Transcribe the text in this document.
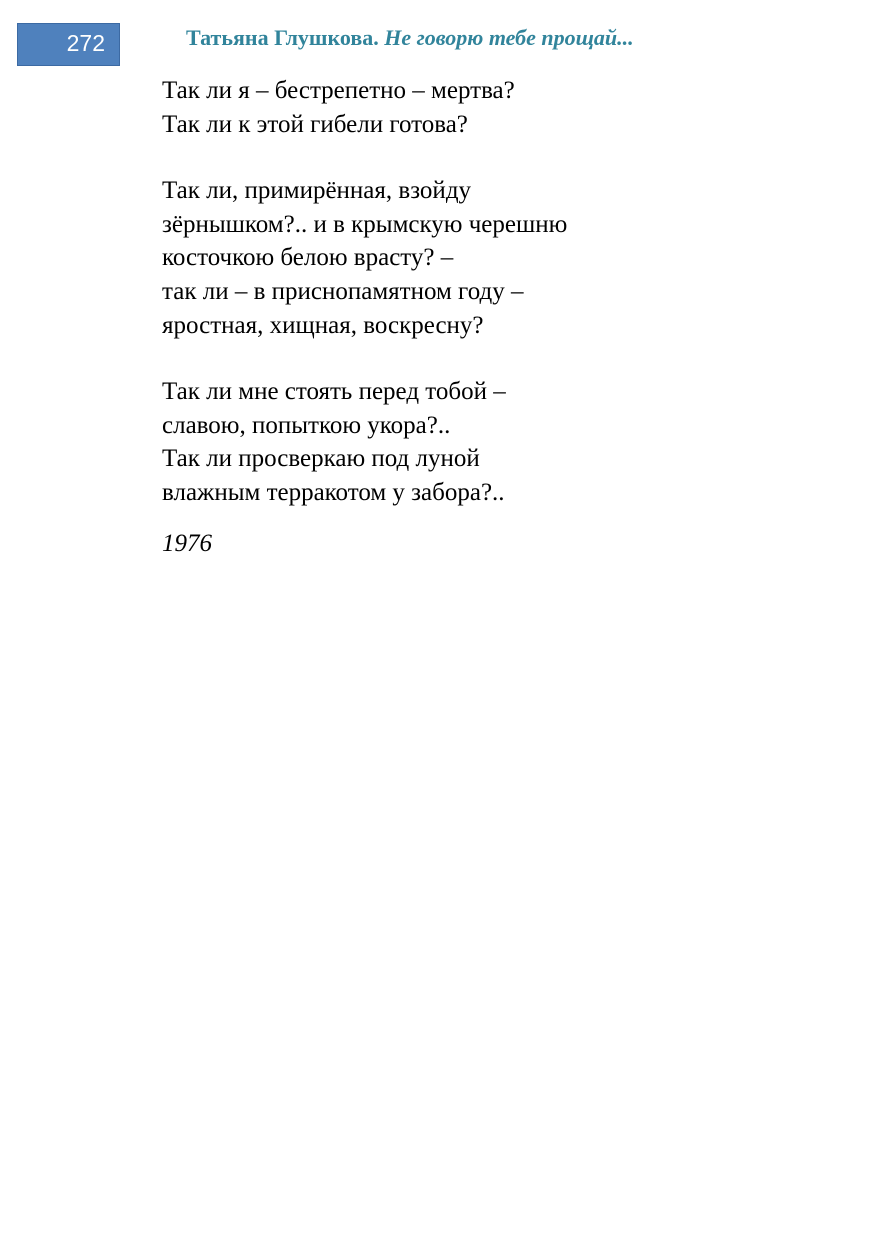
272	Татьяна Глушкова. Не говорю тебе прощай...
Так ли я – бестрепетно – мертва?
Так ли к этой гибели готова?
Так ли, примирённая, взойду
зёрнышком?.. и в крымскую черешню
косточкою белою врасту? –
так ли – в приснопамятном году –
яростная, хищная, воскресну?
Так ли мне стоять перед тобой –
славою, попыткою укора?..
Так ли просверкаю под луной
влажным терракотом у забора?..
1976
